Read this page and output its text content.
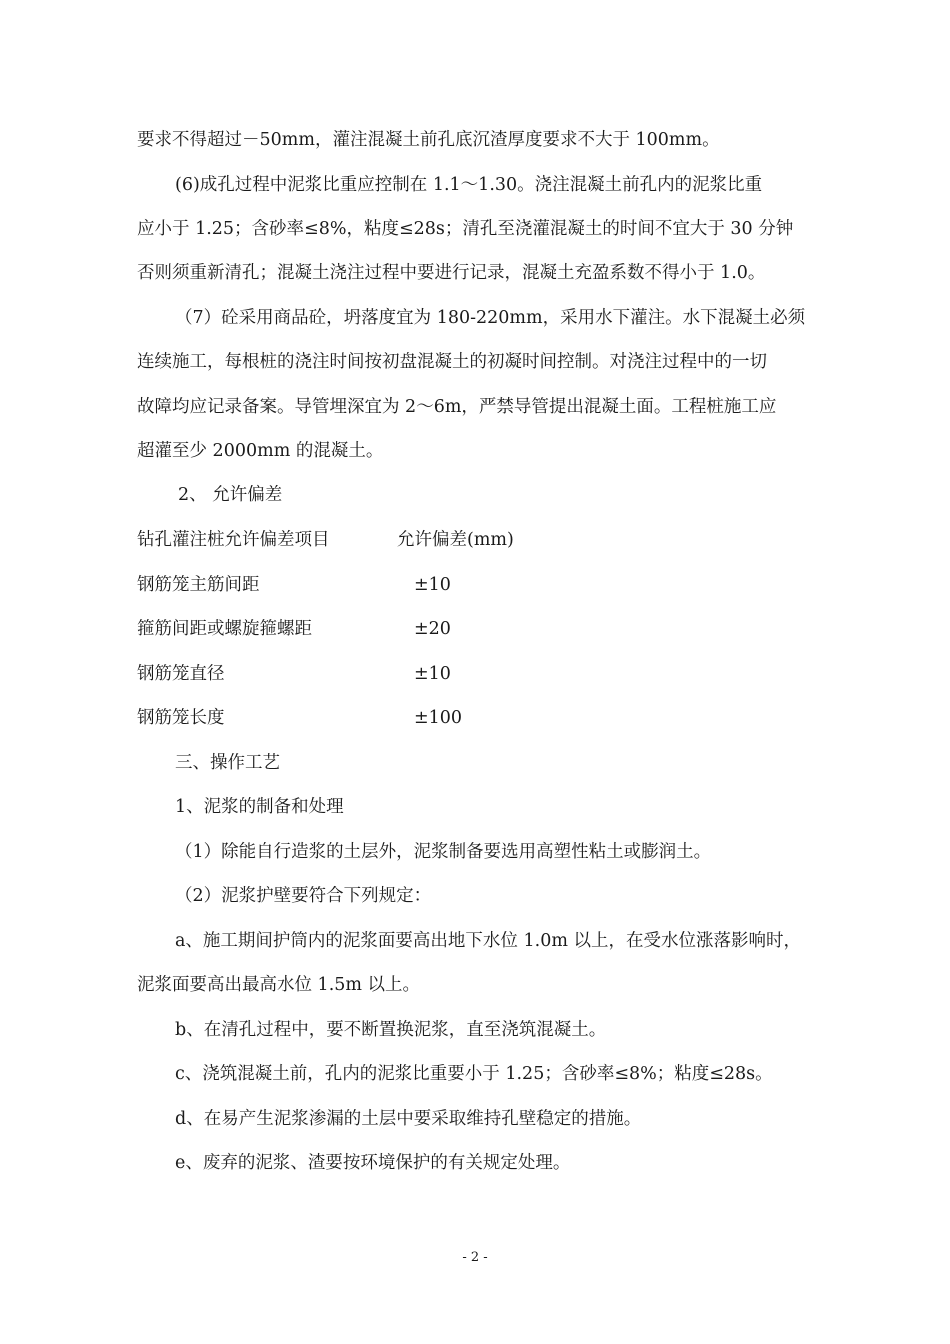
要求不得超过－50mm，灌注混凝土前孔底沉渣厚度要求不大于 100mm。
(6)成孔过程中泥浆比重应控制在 1.1～1.30。浇注混凝土前孔内的泥浆比重
应小于 1.25；含砂率≤8%，粘度≤28s；清孔至浇灌混凝土的时间不宜大于 30 分钟
否则须重新清孔；混凝土浇注过程中要进行记录，混凝土充盈系数不得小于 1.0。
（7）砼采用商品砼，坍落度宜为 180-220mm，采用水下灌注。水下混凝土必须
连续施工，每根桩的浇注时间按初盘混凝土的初凝时间控制。对浇注过程中的一切
故障均应记录备案。导管埋深宜为 2～6m，严禁导管提出混凝土面。工程桩施工应
超灌至少 2000mm 的混凝土。
2、 允许偏差
钻孔灌注桩允许偏差项目	允许偏差(mm)
钢筋笼主筋间距	±10
箍筋间距或螺旋箍螺距	±20
钢筋笼直径	±10
钢筋笼长度	±100
三、操作工艺
1、泥浆的制备和处理
（1）除能自行造浆的土层外，泥浆制备要选用高塑性粘土或膨润土。
（2）泥浆护壁要符合下列规定：
a、施工期间护筒内的泥浆面要高出地下水位 1.0m 以上，在受水位涨落影响时，
泥浆面要高出最高水位 1.5m 以上。
b、在清孔过程中，要不断置换泥浆，直至浇筑混凝土。
c、浇筑混凝土前，孔内的泥浆比重要小于 1.25；含砂率≤8%；粘度≤28s。
d、在易产生泥浆渗漏的土层中要采取维持孔壁稳定的措施。
e、废弃的泥浆、渣要按环境保护的有关规定处理。
- 2 -
